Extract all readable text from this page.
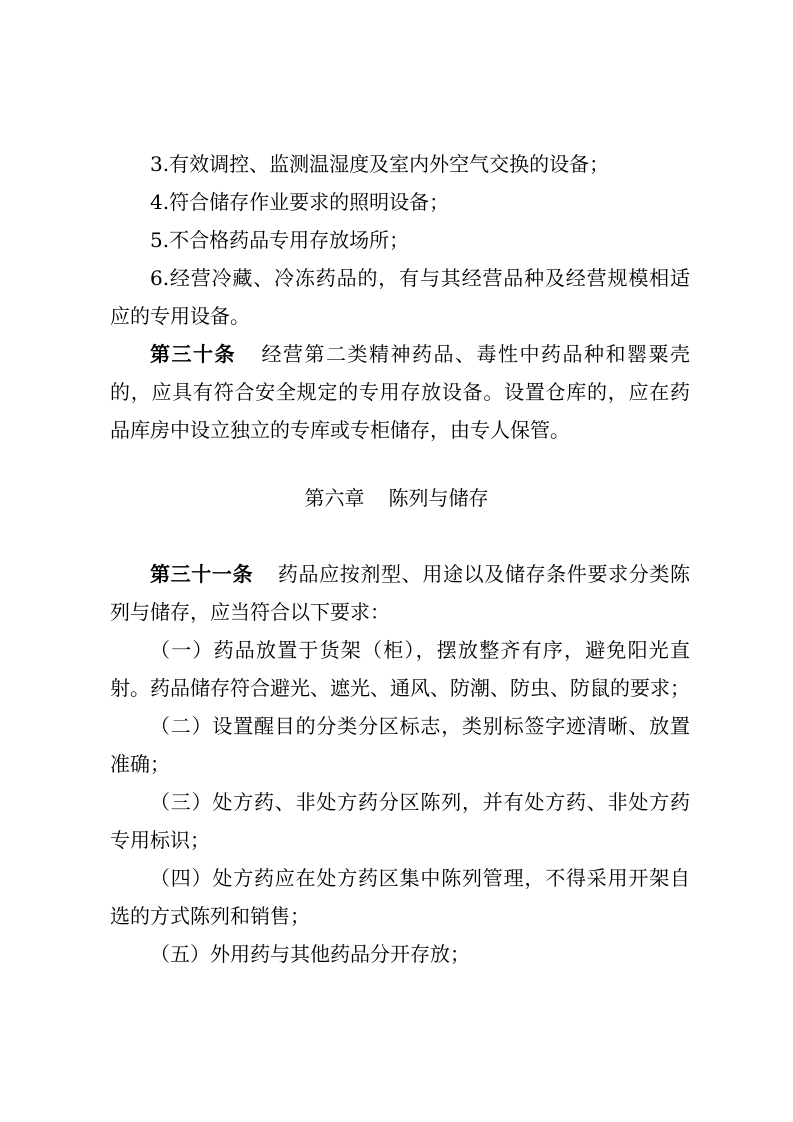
3.有效调控、监测温湿度及室内外空气交换的设备；
4.符合储存作业要求的照明设备；
5.不合格药品专用存放场所；
6.经营冷藏、冷冻药品的，有与其经营品种及经营规模相适
应的专用设备。
第三十条 经营第二类精神药品、毒性中药品种和罂粟壳
的，应具有符合安全规定的专用存放设备。设置仓库的，应在药
品库房中设立独立的专库或专柜储存，由专人保管。
第六章 陈列与储存
第三十一条 药品应按剂型、用途以及储存条件要求分类陈
列与储存，应当符合以下要求：
（一）药品放置于货架（柜），摆放整齐有序，避免阳光直
射。药品储存符合避光、遮光、通风、防潮、防虫、防鼠的要求；
（二）设置醒目的分类分区标志，类别标签字迹清晰、放置
准确；
（三）处方药、非处方药分区陈列，并有处方药、非处方药
专用标识；
（四）处方药应在处方药区集中陈列管理，不得采用开架自
选的方式陈列和销售；
（五）外用药与其他药品分开存放；
